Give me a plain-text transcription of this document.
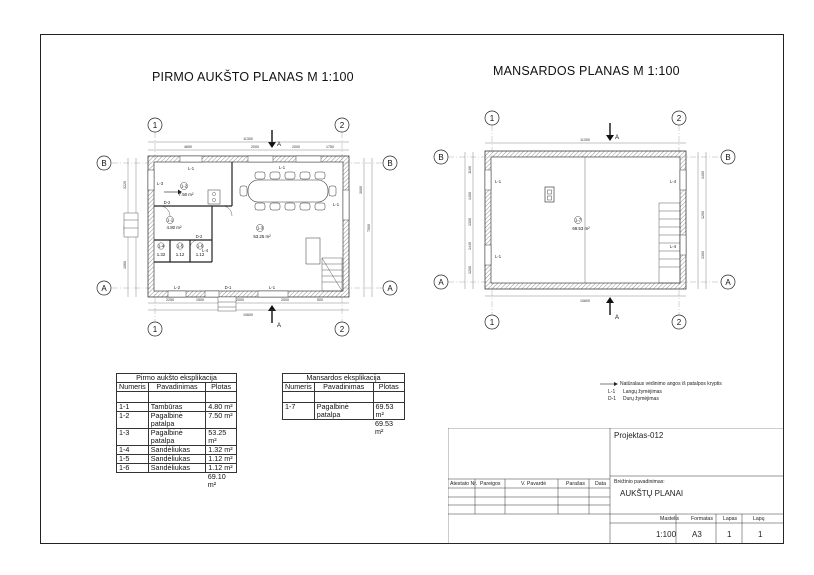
PIRMO AUKŠTO PLANAS M 1:100	MANSARDOS PLANAS M 1:100
1	2
1	2
B	B
A	A
A
A
11300
4650	2000	2000	1750
2250	1500	2000	2000	500
10600
3220
1060
3000
7000
L-1	L-1
L-2	L-1
L-1
L-3
D-1
D-2
D-2
L-4
1-2
7.50 m²
1-1
4.80 m²	1-3
53.25 m²
1-4
1.32
1-5
1.12
1-6
1.12
1	2
1	2
B	B
A	A
A
A
11300
10600
1100
1400
1300
1440
1200
1400
1200
1300
L-1
L-1
L-4
L-4
1-7
69.53 m²
Pirmo aukšto eksplikacija		
Numeris	Pavadinimas	Plotas

1-1	Tambūras	4.80 m²
1-2	Pagalbinė patalpa	7.50 m²
1-3	Pagalbinė patalpa	53.25 m²
1-4	Sandėliukas	1.32 m²
1-5	Sandėliukas	1.12 m²
1-6	Sandėliukas	1.12 m²
		69.10 m²
Mansardos eksplikacija		
Numeris	Pavadinimas	Plotas

1-7	Pagalbinė patalpa	69.53 m²
		69.53 m²
Natūralaus vėdinimo angos iš patalpos kryptis
L-1	Langų žymėjimas
D-1	Durų žymėjimas
Projektas-012
Atestato Nr. Pareigos	V. Pavardė	Parašas Data Brėžinio pavadinimas:
AUKŠTŲ PLANAI
Mastelis Formatas Lapas	Lapų
1:100 A3	1	1
